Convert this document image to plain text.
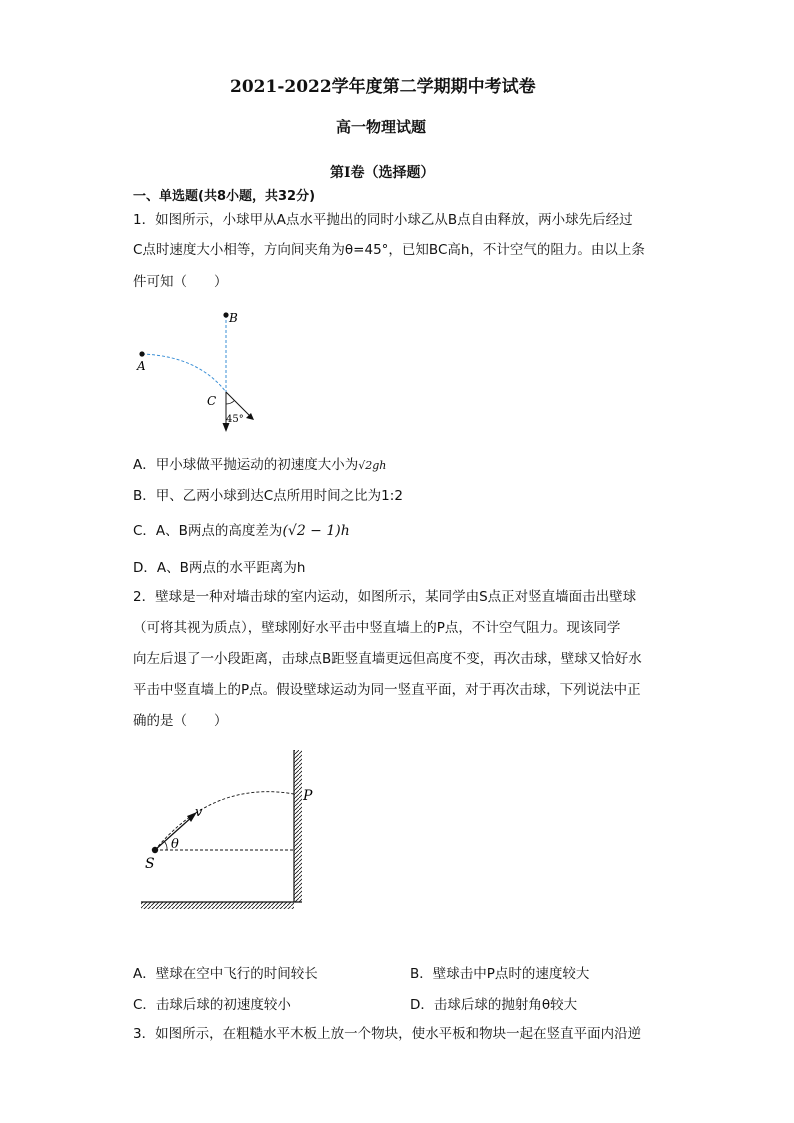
2021-2022学年度第二学期期中考试卷
高一物理试题
第I卷（选择题）
一、单选题(共8小题，共32分)
1．如图所示，小球甲从A点水平抛出的同时小球乙从B点自由释放，两小球先后经过
C点时速度大小相等，方向间夹角为θ=45°，已知BC高h，不计空气的阻力。由以上条
件可知（　　）
B
A
C
45°
A．甲小球做平抛运动的初速度大小为√2gh
B．甲、乙两小球到达C点所用时间之比为1:2
C．A、B两点的高度差为(√2 − 1)h
D．A、B两点的水平距离为h
2．壁球是一种对墙击球的室内运动，如图所示，某同学由S点正对竖直墙面击出壁球
（可将其视为质点），壁球刚好水平击中竖直墙上的P点，不计空气阻力。现该同学
向左后退了一小段距离，击球点B距竖直墙更远但高度不变，再次击球，壁球又恰好水
平击中竖直墙上的P点。假设壁球运动为同一竖直平面，对于再次击球，下列说法中正
确的是（　　）
S
P
v
θ
A．壁球在空中飞行的时间较长	B．壁球击中P点时的速度较大
C．击球后球的初速度较小	D．击球后球的抛射角θ较大
3．如图所示，在粗糙水平木板上放一个物块，使水平板和物块一起在竖直平面内沿逆
